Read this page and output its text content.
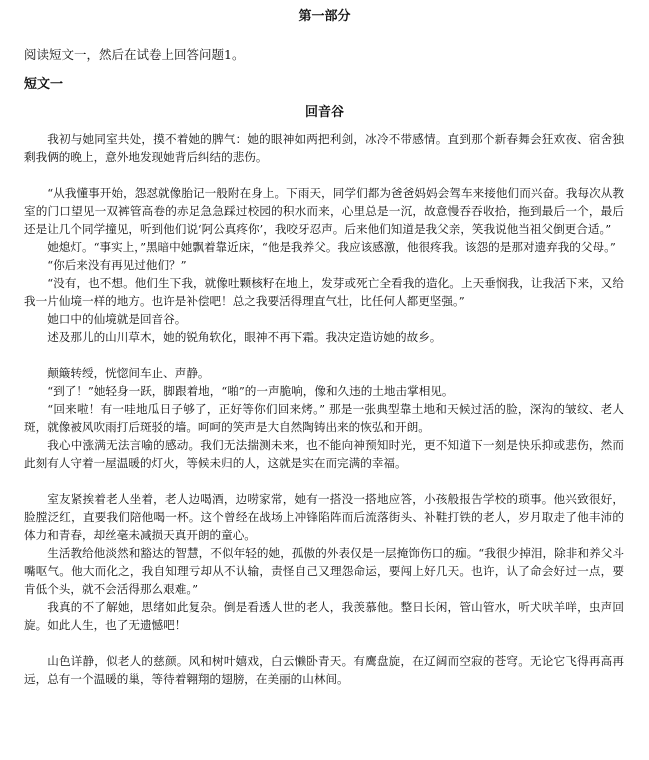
第一部分
阅读短文一，然后在试卷上回答问题1。
短文一
回音谷

我初与她同室共处，摸不着她的脾气：她的眼神如两把利剑，冰冷不带感情。直到那个新春舞会狂欢夜、宿舍独剩我俩的晚上，意外地发现她背后纠结的悲伤。

“从我懂事开始，怨怼就像胎记一般附在身上。下雨天，同学们都为爸爸妈妈会驾车来接他们而兴奋。我每次从教室的门口望见一双裤管高卷的赤足急急踩过校园的积水而来，心里总是一沉，故意慢吞吞收拾，拖到最后一个，最后还是让几个同学撞见，听到他们说‘阿公真疼你’，我咬牙忍声。后来他们知道是我父亲，笑我说他当祖父倒更合适。”

她熄灯。“事实上，”黑暗中她飘着靠近床，“他是我养父。我应该感激，他很疼我。该怨的是那对遗弃我的父母。”

“你后来没有再见过他们？”

“没有，也不想。他们生下我，就像吐颗核籽在地上，发芽或死亡全看我的造化。上天垂悯我，让我活下来，又给我一片仙境一样的地方。也许是补偿吧！总之我要活得理直气壮，比任何人都更坚强。”

她口中的仙境就是回音谷。

述及那儿的山川草木，她的锐角软化，眼神不再下霜。我决定造访她的故乡。

颠簸转绶，恍惚间车止、声静。

“到了！”她轻身一跃，脚跟着地，“啪”的一声脆响，像和久违的土地击掌相见。

“回来啦！有一哇地瓜日子够了，正好等你们回来烤。” 那是一张典型靠土地和天候过活的脸，深沟的皱纹、老人斑，就像被风吹雨打后斑驳的墙。呵呵的笑声是大自然陶铸出来的恢弘和开朗。

我心中涨满无法言喻的感动。我们无法揣测未来，也不能向神预知时光，更不知道下一刻是快乐抑或悲伤，然而此刻有人守着一屋温暖的灯火，等候未归的人，这就是实在而完满的幸福。

室友紧挨着老人坐着，老人边喝酒，边唠家常，她有一搭没一搭地应答，小孩般报告学校的琐事。他兴致很好，脸膛泛红，直要我们陪他喝一杯。这个曾经在战场上冲锋陷阵而后流落街头、补鞋打铁的老人，岁月取走了他丰沛的体力和青春，却丝毫未减损天真开朗的童心。

生活教给他淡然和豁达的智慧，不似年轻的她，孤傲的外表仅是一层掩饰伤口的痂。“我很少掉泪，除非和养父斗嘴呕气。他大而化之，我自知理亏却从不认输，责怪自己又理怨命运，要闯上好几天。也许，认了命会好过一点，要肯低个头，就不会活得那么艰难。”

我真的不了解她，思绪如此复杂。倒是看透人世的老人，我羡慕他。整日长闲，管山管水，听犬吠羊咩，虫声回旋。如此人生，也了无遗憾吧！

山色详静，似老人的慈颜。风和树叶嬉戏，白云懒卧青天。有鹰盘旋，在辽阔而空寂的苍穹。无论它飞得再高再远，总有一个温暖的巢，等待着翱翔的翅膀，在美丽的山林间。
